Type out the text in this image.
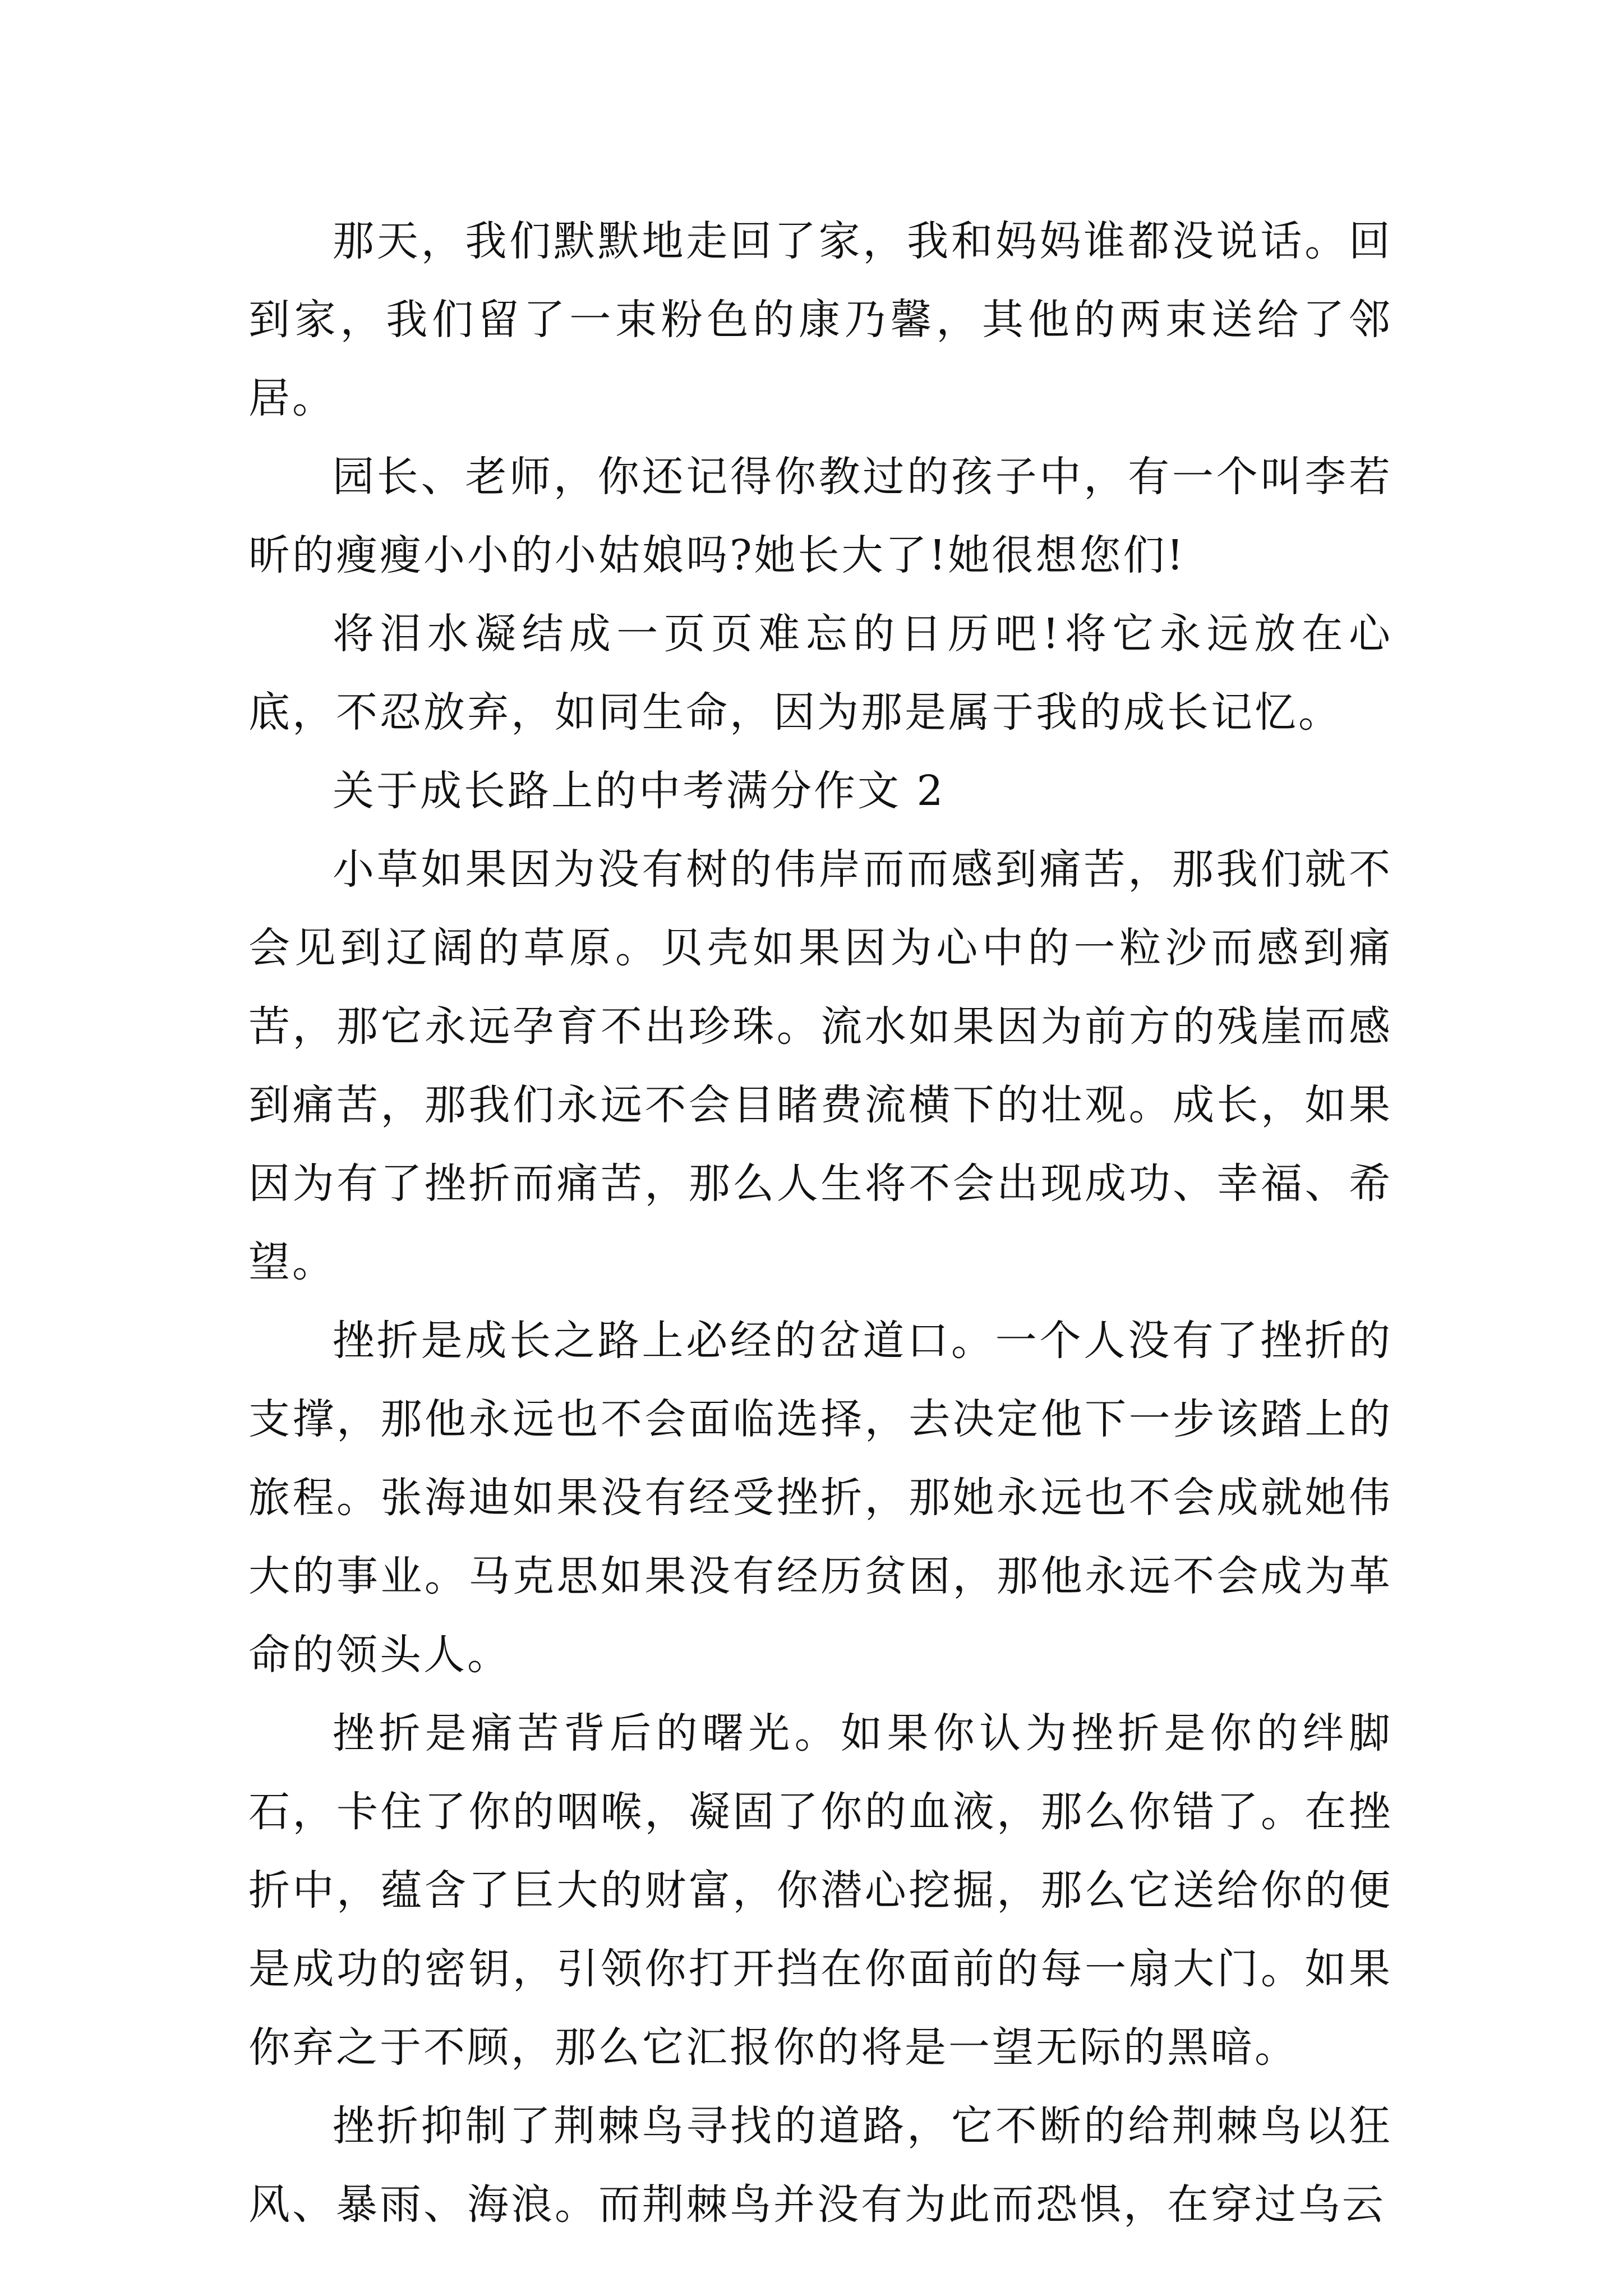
那天，我们默默地走回了家，我和妈妈谁都没说话。回到家，我们留了一束粉色的康乃馨，其他的两束送给了邻居。

园长、老师，你还记得你教过的孩子中，有一个叫李若昕的瘦瘦小小的小姑娘吗?她长大了!她很想您们!

将泪水凝结成一页页难忘的日历吧!将它永远放在心底，不忍放弃，如同生命，因为那是属于我的成长记忆。

关于成长路上的中考满分作文 2

小草如果因为没有树的伟岸而而感到痛苦，那我们就不会见到辽阔的草原。贝壳如果因为心中的一粒沙而感到痛苦，那它永远孕育不出珍珠。流水如果因为前方的残崖而感到痛苦，那我们永远不会目睹费流横下的壮观。成长，如果因为有了挫折而痛苦，那么人生将不会出现成功、幸福、希望。

挫折是成长之路上必经的岔道口。一个人没有了挫折的支撑，那他永远也不会面临选择，去决定他下一步该踏上的旅程。张海迪如果没有经受挫折，那她永远也不会成就她伟大的事业。马克思如果没有经历贫困，那他永远不会成为革命的领头人。

挫折是痛苦背后的曙光。如果你认为挫折是你的绊脚石，卡住了你的咽喉，凝固了你的血液，那么你错了。在挫折中，蕴含了巨大的财富，你潜心挖掘，那么它送给你的便是成功的密钥，引领你打开挡在你面前的每一扇大门。如果你弃之于不顾，那么它汇报你的将是一望无际的黑暗。

挫折抑制了荆棘鸟寻找的道路，它不断的给荆棘鸟以狂风、暴雨、海浪。而荆棘鸟并没有为此而恐惧，在穿过乌云
